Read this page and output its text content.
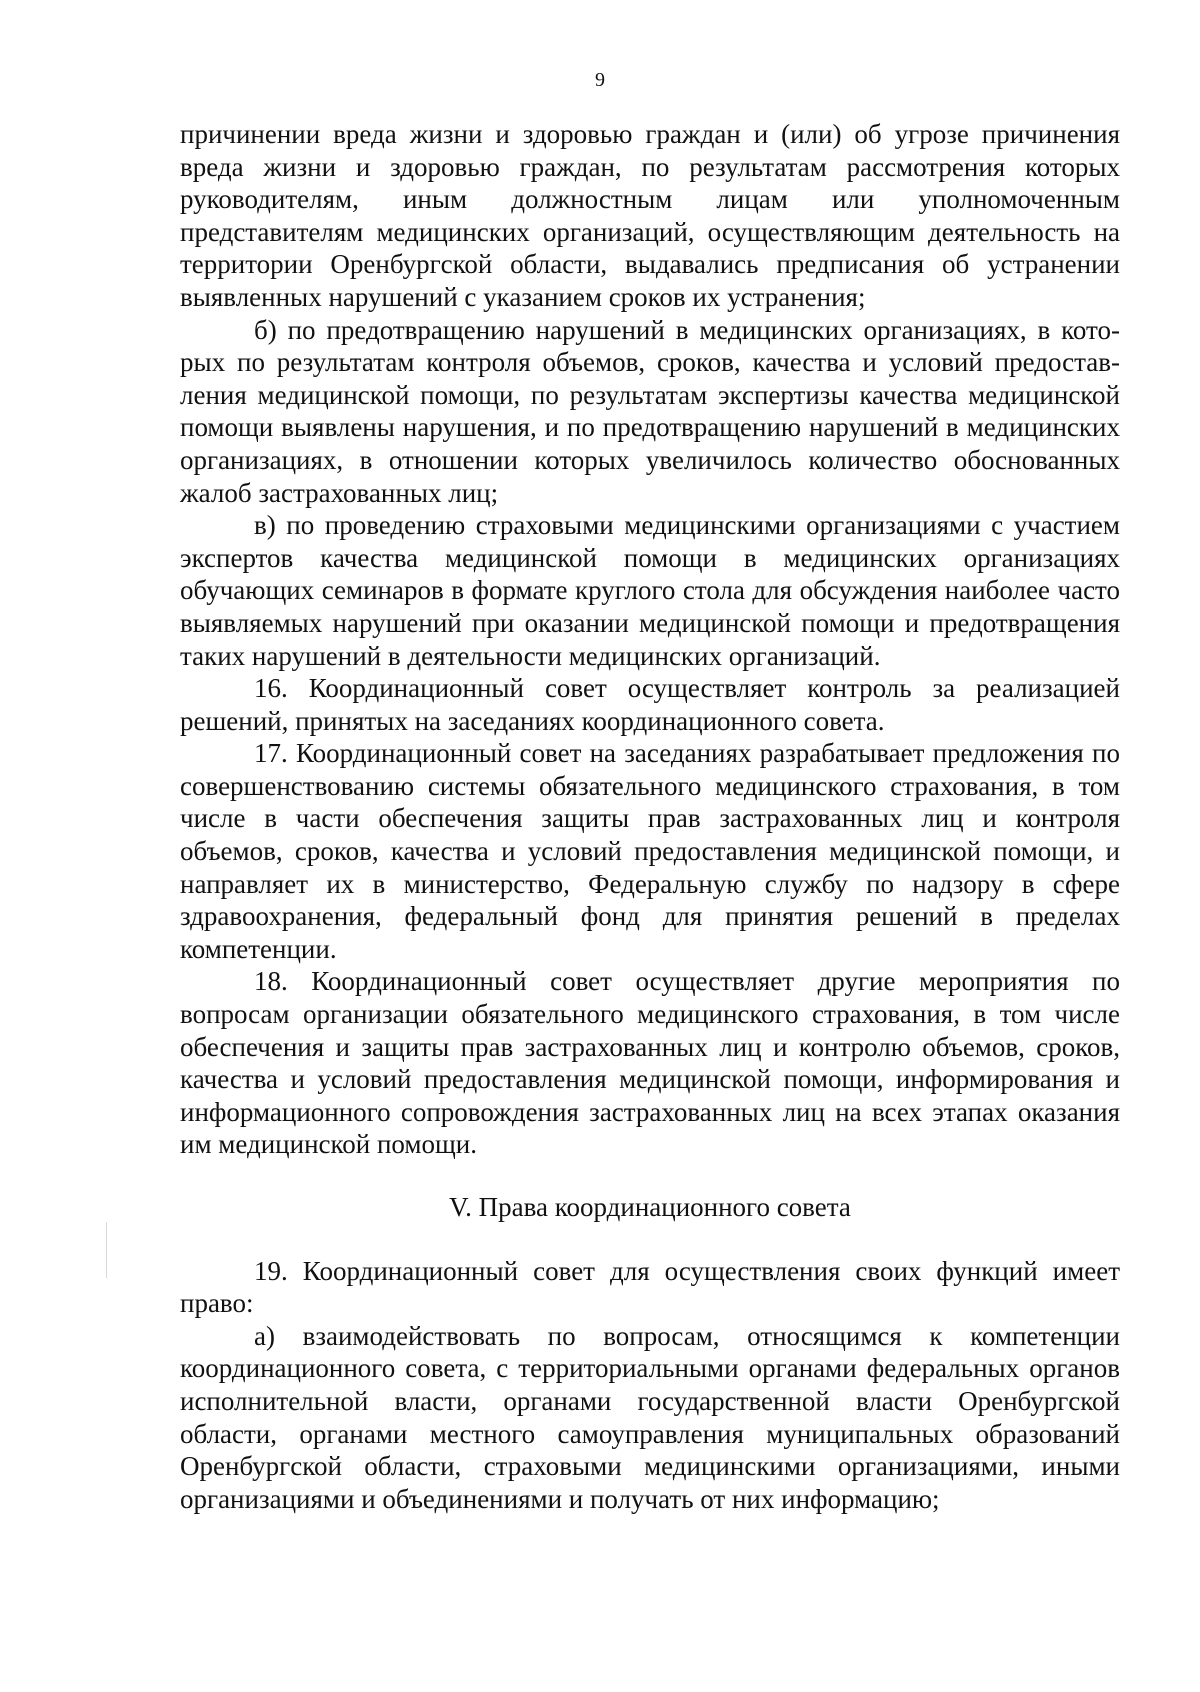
9

причинении вреда жизни и здоровью граждан и (или) об угрозе причинения вреда жизни и здоровью граждан, по результатам рассмотрения которых руководителям, иным должностным лицам или уполномоченным представителям медицинских организаций, осуществляющим деятельность на территории Оренбургской области, выдавались предписания об устранении выявленных нарушений с указанием сроков их устранения;

б) по предотвращению нарушений в медицинских организациях, в которых по результатам контроля объемов, сроков, качества и условий предоставления медицинской помощи, по результатам экспертизы качества медицинской помощи выявлены нарушения, и по предотвращению нарушений в медицинских организациях, в отношении которых увеличилось количество обоснованных жалоб застрахованных лиц;

в) по проведению страховыми медицинскими организациями с участием экспертов качества медицинской помощи в медицинских организациях обучающих семинаров в формате круглого стола для обсуждения наиболее часто выявляемых нарушений при оказании медицинской помощи и предотвращения таких нарушений в деятельности медицинских организаций.

16. Координационный совет осуществляет контроль за реализацией решений, принятых на заседаниях координационного совета.

17. Координационный совет на заседаниях разрабатывает предложения по совершенствованию системы обязательного медицинского страхования, в том числе в части обеспечения защиты прав застрахованных лиц и контроля объемов, сроков, качества и условий предоставления медицинской помощи, и направляет их в министерство, Федеральную службу по надзору в сфере здравоохранения, федеральный фонд для принятия решений в пределах компетенции.

18. Координационный совет осуществляет другие мероприятия по вопросам организации обязательного медицинского страхования, в том числе обеспечения и защиты прав застрахованных лиц и контролю объемов, сроков, качества и условий предоставления медицинской помощи, информирования и информационного сопровождения застрахованных лиц на всех этапах оказания им медицинской помощи.

V. Права координационного совета

19. Координационный совет для осуществления своих функций имеет право:

а) взаимодействовать по вопросам, относящимся к компетенции координационного совета, с территориальными органами федеральных органов исполнительной власти, органами государственной власти Оренбургской области, органами местного самоуправления муниципальных образований Оренбургской области, страховыми медицинскими организациями, иными организациями и объединениями и получать от них информацию;
